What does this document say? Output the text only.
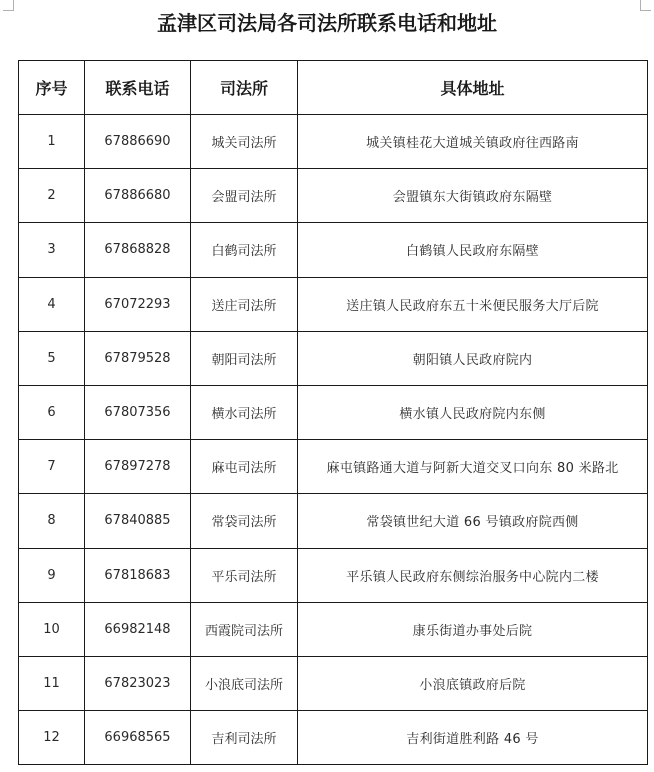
孟津区司法局各司法所联系电话和地址
序号	联系电话	司法所	具体地址
1	67886690	城关司法所	城关镇桂花大道城关镇政府往西路南
2	67886680	会盟司法所	会盟镇东大街镇政府东隔壁
3	67868828	白鹤司法所	白鹤镇人民政府东隔壁
4	67072293	送庄司法所	送庄镇人民政府东五十米便民服务大厅后院
5	67879528	朝阳司法所	朝阳镇人民政府院内
6	67807356	横水司法所	横水镇人民政府院内东侧
7	67897278	麻屯司法所	麻屯镇路通大道与阿新大道交叉口向东 80 米路北
8	67840885	常袋司法所	常袋镇世纪大道 66 号镇政府院西侧
9	67818683	平乐司法所	平乐镇人民政府东侧综治服务中心院内二楼
10	66982148	西霞院司法所	康乐街道办事处后院
11	67823023	小浪底司法所	小浪底镇政府后院
12	66968565	吉利司法所	吉利街道胜利路 46 号
